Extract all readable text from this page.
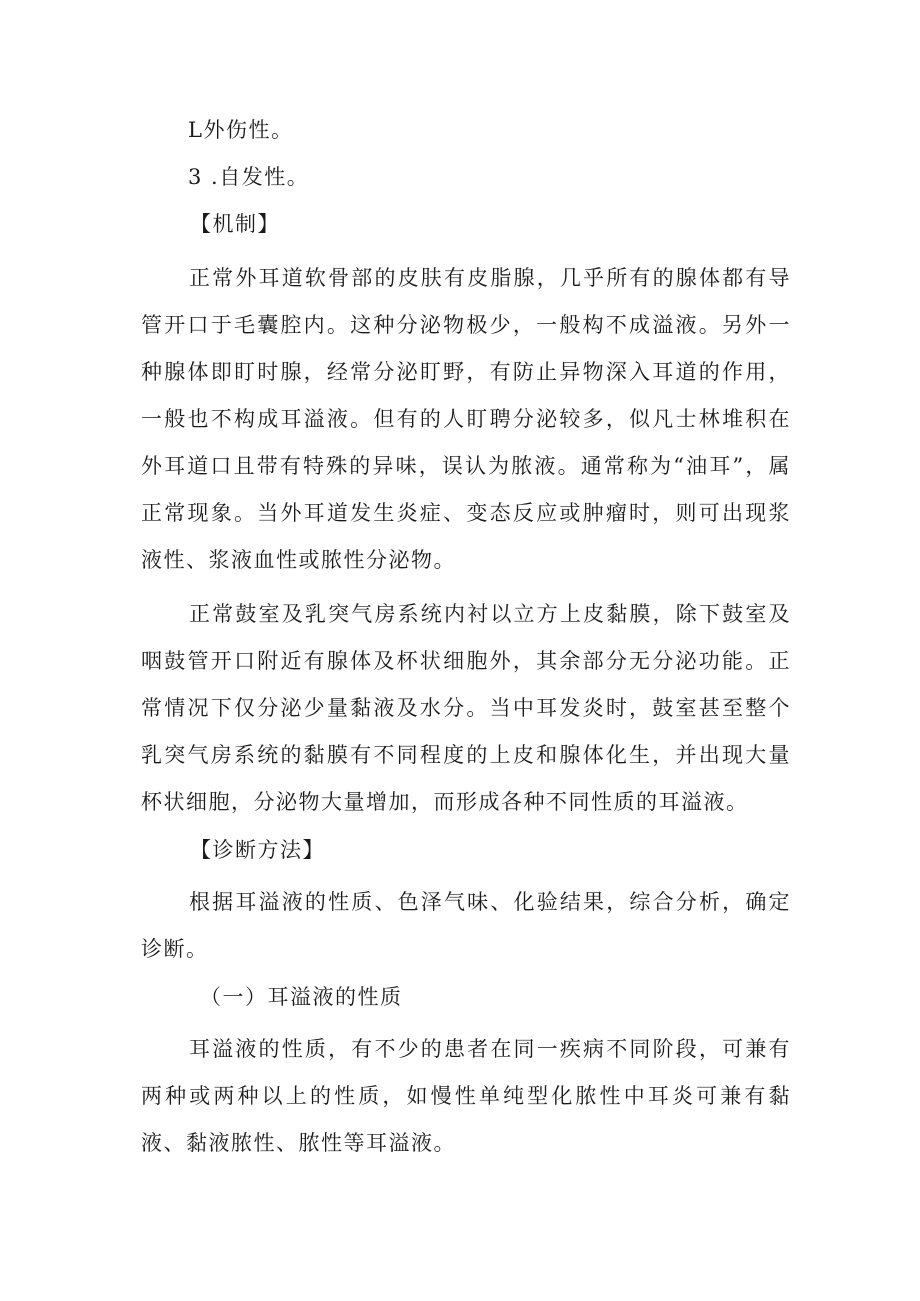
L外伤性。
3 .自发性。
【机制】
正常外耳道软骨部的皮肤有皮脂腺，几乎所有的腺体都有导管开口于毛囊腔内。这种分泌物极少，一般构不成溢液。另外一种腺体即盯时腺，经常分泌盯野，有防止异物深入耳道的作用，一般也不构成耳溢液。但有的人盯聘分泌较多，似凡士林堆积在外耳道口且带有特殊的异味，误认为脓液。通常称为“油耳”，属正常现象。当外耳道发生炎症、变态反应或肿瘤时，则可出现浆液性、浆液血性或脓性分泌物。
正常鼓室及乳突气房系统内衬以立方上皮黏膜，除下鼓室及咽鼓管开口附近有腺体及杯状细胞外，其余部分无分泌功能。正常情况下仅分泌少量黏液及水分。当中耳发炎时，鼓室甚至整个乳突气房系统的黏膜有不同程度的上皮和腺体化生，并出现大量杯状细胞，分泌物大量增加，而形成各种不同性质的耳溢液。
【诊断方法】
根据耳溢液的性质、色泽气味、化验结果，综合分析，确定诊断。
（一）耳溢液的性质
耳溢液的性质，有不少的患者在同一疾病不同阶段，可兼有两种或两种以上的性质，如慢性单纯型化脓性中耳炎可兼有黏液、黏液脓性、脓性等耳溢液。
